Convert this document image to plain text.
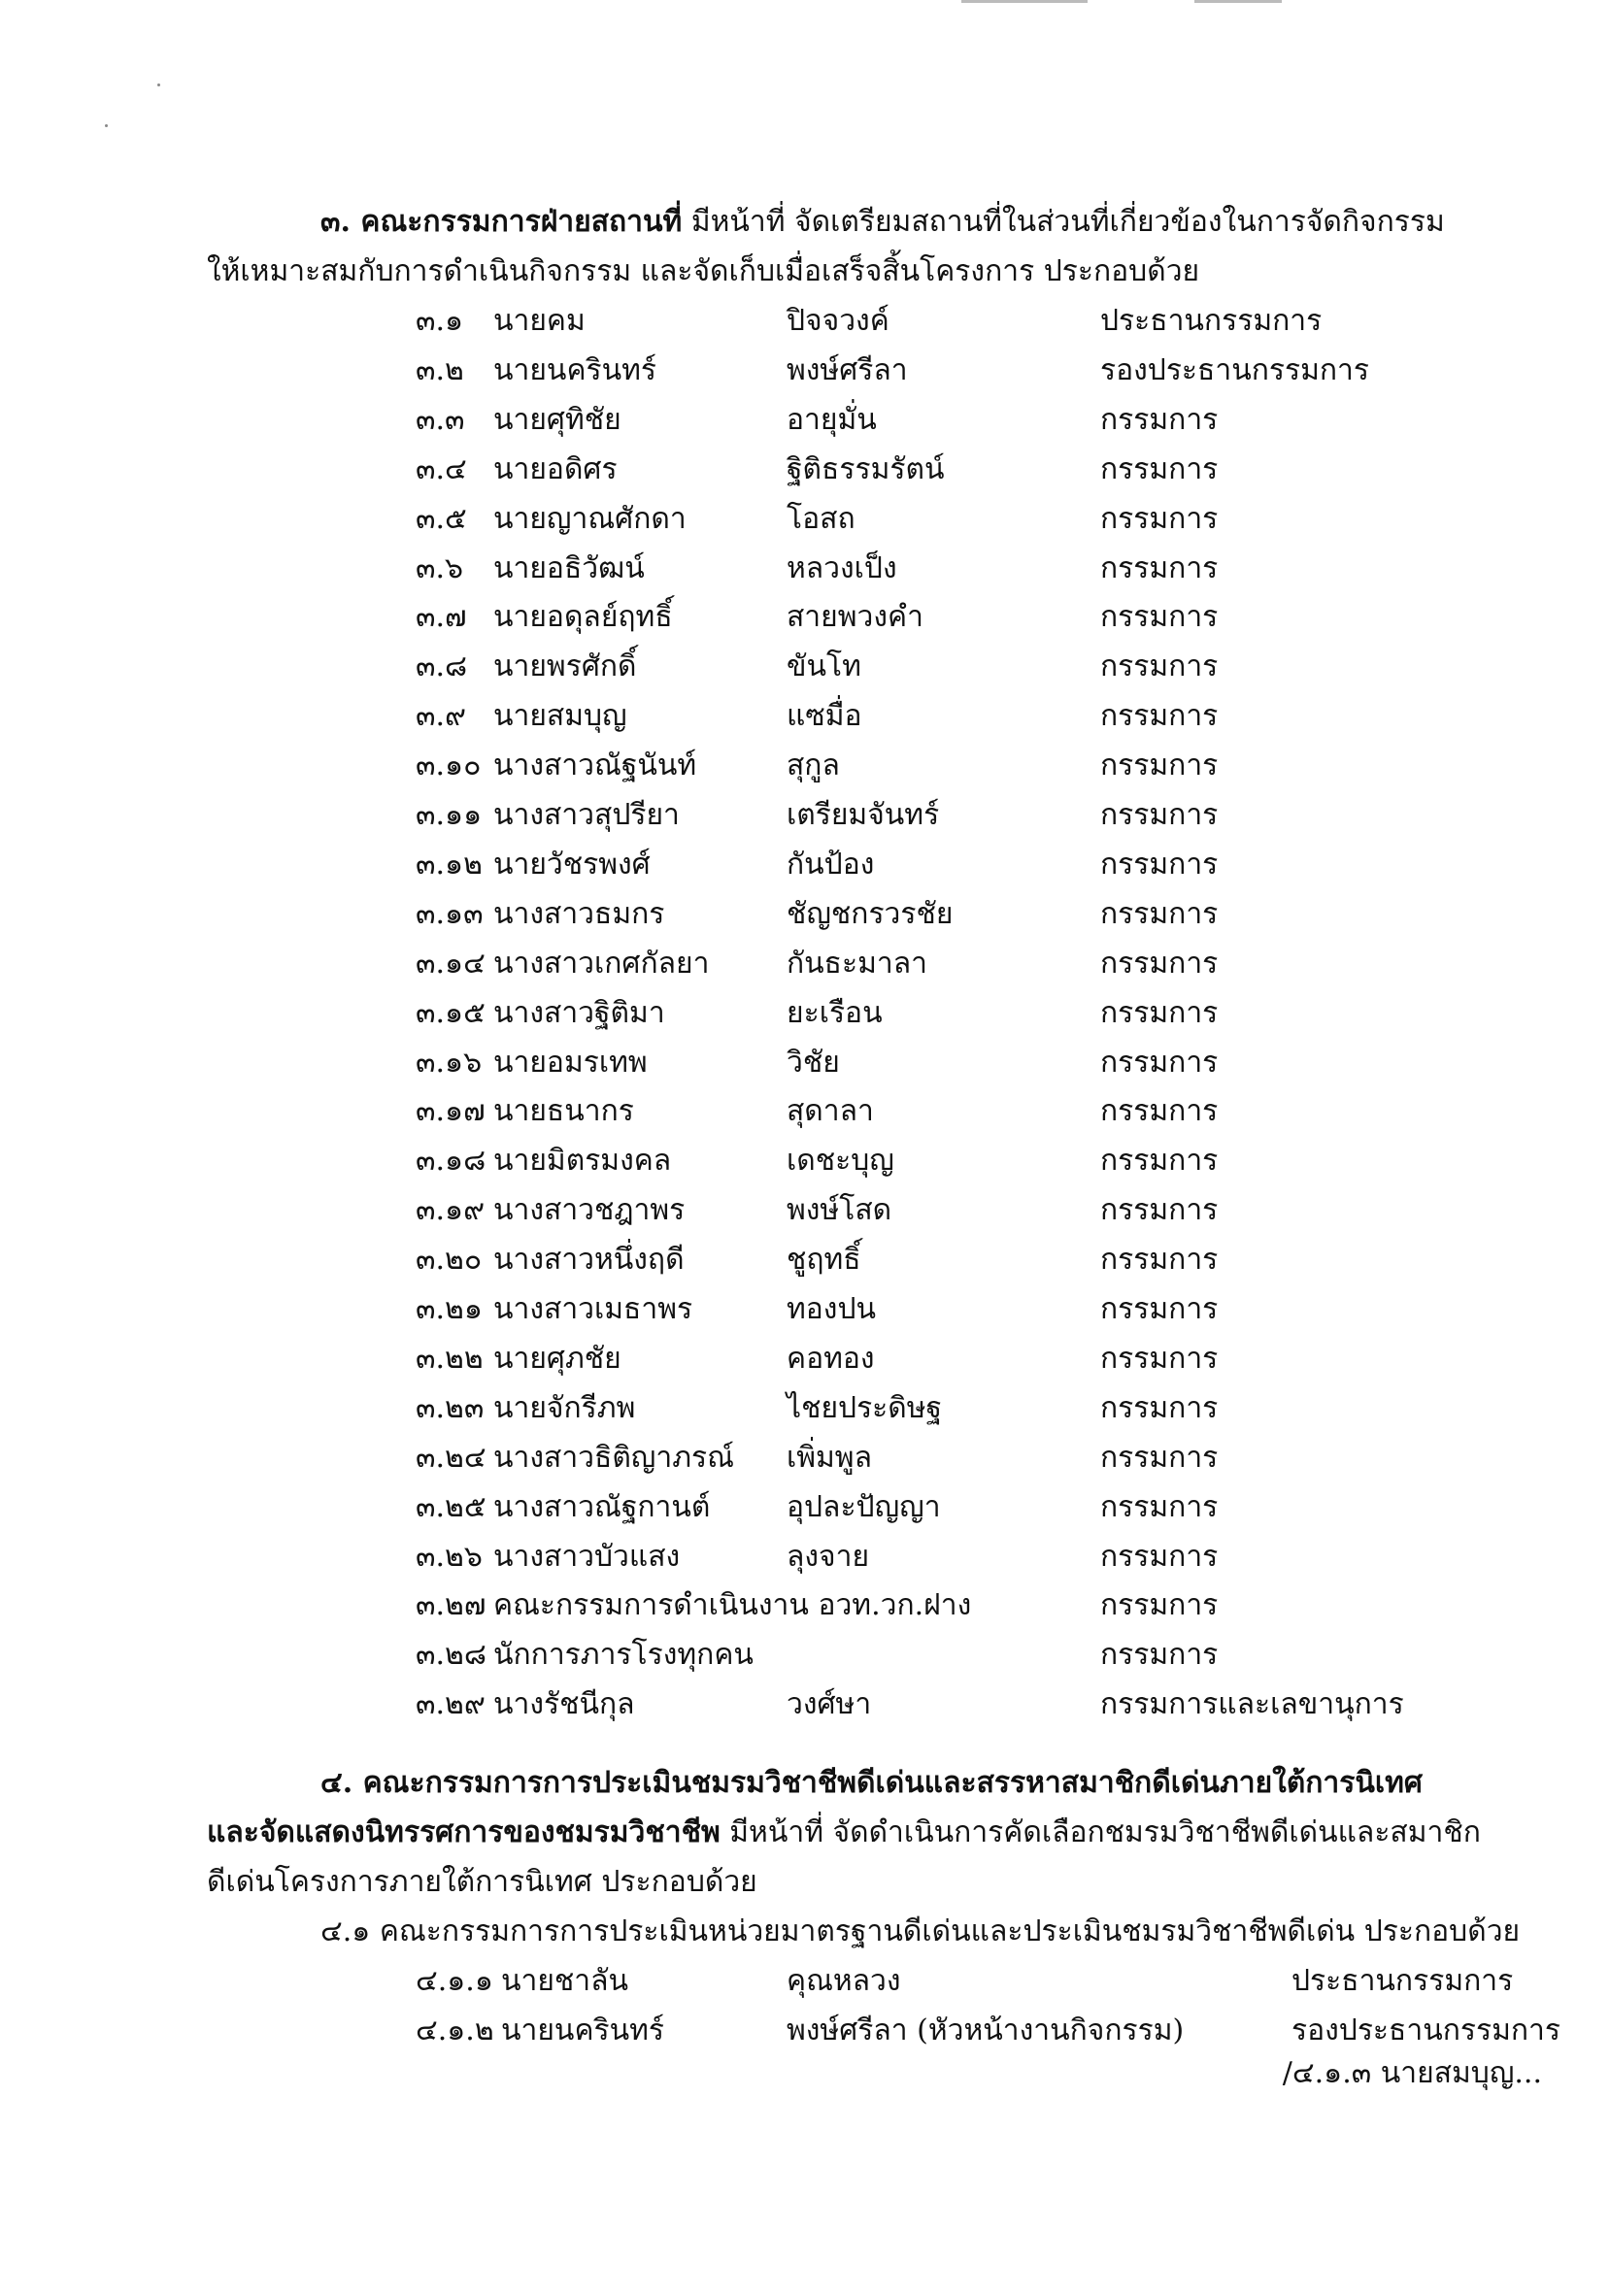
๓. คณะกรรมการฝ่ายสถานที่ มีหน้าที่ จัดเตรียมสถานที่ในส่วนที่เกี่ยวข้องในการจัดกิจกรรม
ให้เหมาะสมกับการดำเนินกิจกรรม และจัดเก็บเมื่อเสร็จสิ้นโครงการ ประกอบด้วย
๓.๑ นายคม	ปิจจวงค์	ประธานกรรมการ
๓.๒ นายนครินทร์	พงษ์ศรีลา	รองประธานกรรมการ
๓.๓ นายศุทิชัย	อายุมั่น	กรรมการ
๓.๔ นายอดิศร	ฐิติธรรมรัตน์	กรรมการ
๓.๕ นายญาณศักดา	โอสถ	กรรมการ
๓.๖ นายอธิวัฒน์	หลวงเป็ง	กรรมการ
๓.๗ นายอดุลย์ฤทธิ์	สายพวงคำ	กรรมการ
๓.๘ นายพรศักดิ์	ขันโท	กรรมการ
๓.๙ นายสมบุญ	แซมื่อ	กรรมการ
๓.๑๐ นางสาวณัฐนันท์	สุกูล	กรรมการ
๓.๑๑ นางสาวสุปรียา	เตรียมจันทร์	กรรมการ
๓.๑๒ นายวัชรพงศ์	กันป้อง	กรรมการ
๓.๑๓ นางสาวธมกร	ชัญชกรวรชัย	กรรมการ
๓.๑๔ นางสาวเกศกัลยา	กันธะมาลา	กรรมการ
๓.๑๕ นางสาวฐิติมา	ยะเรือน	กรรมการ
๓.๑๖ นายอมรเทพ	วิชัย	กรรมการ
๓.๑๗ นายธนากร	สุดาลา	กรรมการ
๓.๑๘ นายมิตรมงคล	เดชะบุญ	กรรมการ
๓.๑๙ นางสาวชฎาพร	พงษ์โสด	กรรมการ
๓.๒๐ นางสาวหนึ่งฤดี	ชูฤทธิ์	กรรมการ
๓.๒๑ นางสาวเมธาพร	ทองปน	กรรมการ
๓.๒๒ นายศุภชัย	คอทอง	กรรมการ
๓.๒๓ นายจักรีภพ	ไชยประดิษฐ	กรรมการ
๓.๒๔ นางสาวธิติญาภรณ์ เพิ่มพูล	กรรมการ
๓.๒๕ นางสาวณัฐกานต์	อุปละปัญญา	กรรมการ
๓.๒๖ นางสาวบัวแสง	ลุงจาย	กรรมการ
๓.๒๗ คณะกรรมการดำเนินงาน อวท.วก.ฝาง	กรรมการ
๓.๒๘ นักการภารโรงทุกคน	กรรมการ
๓.๒๙ นางรัชนีกุล	วงศ์ษา	กรรมการและเลขานุการ
๔. คณะกรรมการการประเมินชมรมวิชาชีพดีเด่นและสรรหาสมาชิกดีเด่นภายใต้การนิเทศ
และจัดแสดงนิทรรศการของชมรมวิชาชีพ มีหน้าที่ จัดดำเนินการคัดเลือกชมรมวิชาชีพดีเด่นและสมาชิก
ดีเด่นโครงการภายใต้การนิเทศ ประกอบด้วย
๔.๑ คณะกรรมการการประเมินหน่วยมาตรฐานดีเด่นและประเมินชมรมวิชาชีพดีเด่น ประกอบด้วย
๔.๑.๑ นายชาลัน	คุณหลวง	ประธานกรรมการ
๔.๑.๒ นายนครินทร์	พงษ์ศรีลา (หัวหน้างานกิจกรรม)	รองประธานกรรมการ
/๔.๑.๓ นายสมบุญ...
